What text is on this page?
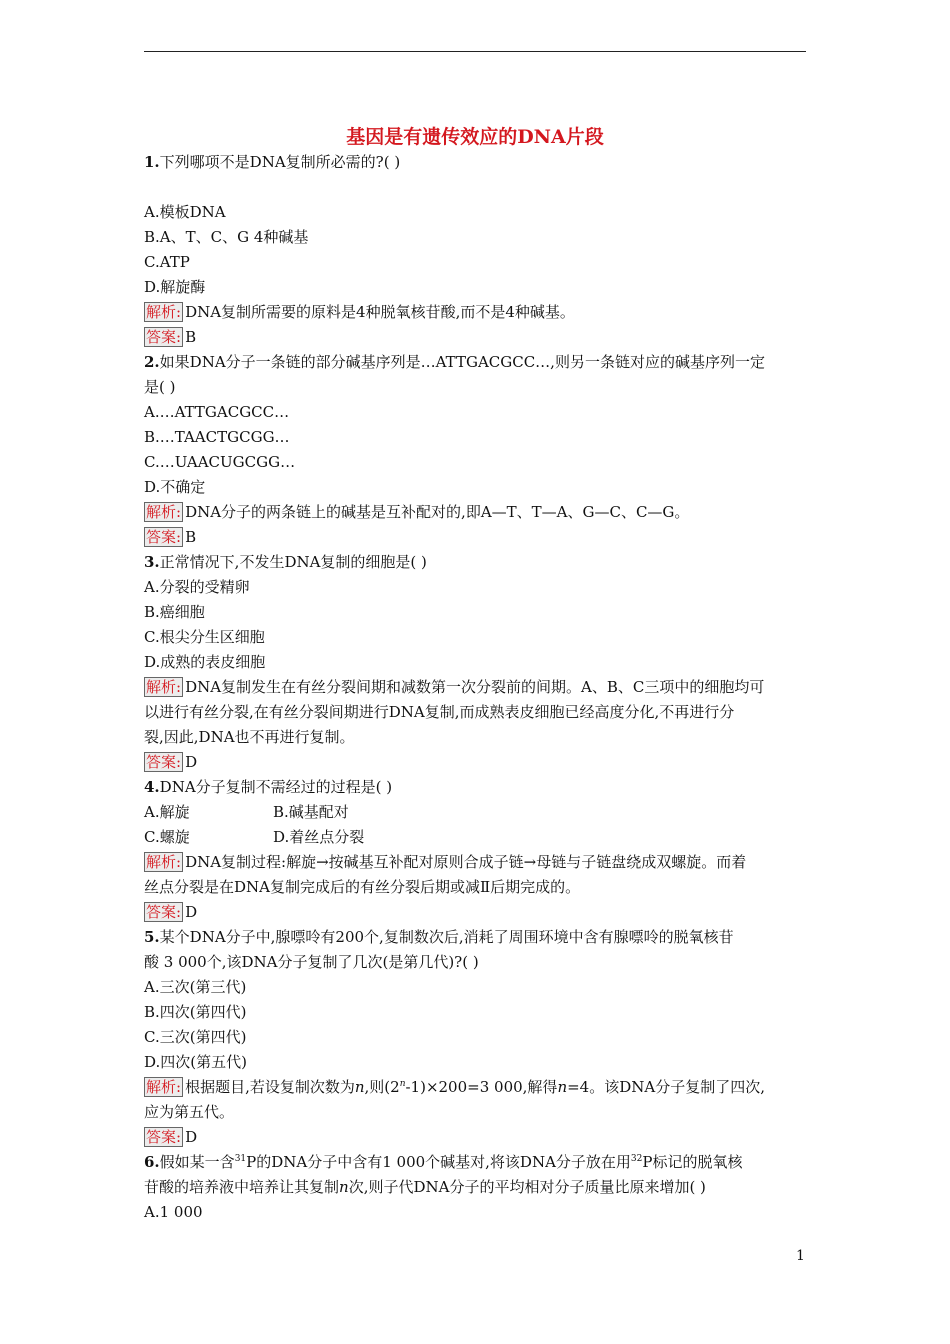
基因是有遗传效应的DNA片段
1.下列哪项不是DNA复制所必需的?( )
A.模板DNA
B.A、T、C、G 4种碱基
C.ATP
D.解旋酶
解析: DNA复制所需要的原料是4种脱氧核苷酸,而不是4种碱基。
答案: B
2.如果DNA分子一条链的部分碱基序列是…ATTGACGCC…,则另一条链对应的碱基序列一定
是( )
A.…ATTGACGCC…
B.…TAACTGCGG…
C.…UAACUGCGG…
D.不确定
解析: DNA分子的两条链上的碱基是互补配对的,即A—T、T—A、G—C、C—G。
答案: B
3.正常情况下,不发生DNA复制的细胞是( )
A.分裂的受精卵
B.癌细胞
C.根尖分生区细胞
D.成熟的表皮细胞
解析: DNA复制发生在有丝分裂间期和减数第一次分裂前的间期。A、B、C三项中的细胞均可
以进行有丝分裂,在有丝分裂间期进行DNA复制,而成熟表皮细胞已经高度分化,不再进行分
裂,因此,DNA也不再进行复制。
答案: D
4.DNA分子复制不需经过的过程是( )
A.解旋	B.碱基配对
C.螺旋	D.着丝点分裂
解析: DNA复制过程:解旋→按碱基互补配对原则合成子链→母链与子链盘绕成双螺旋。而着
丝点分裂是在DNA复制完成后的有丝分裂后期或减Ⅱ后期完成的。
答案: D
5.某个DNA分子中,腺嘌呤有200个,复制数次后,消耗了周围环境中含有腺嘌呤的脱氧核苷
酸 3 000个,该DNA分子复制了几次(是第几代)?( )
A.三次(第三代)
B.四次(第四代)
C.三次(第四代)
D.四次(第五代)
解析: 根据题目,若设复制次数为n,则$(2^n-1)\times 200=3$ 000,解得n=4。该DNA分子复制了四次,
应为第五代。
答案: D
6.假如某一含$^{31}$P的DNA分子中含有1 000个碱基对,将该DNA分子放在用$^{32}$P标记的脱氧核
苷酸的培养液中培养让其复制n次,则子代DNA分子的平均相对分子质量比原来增加( )
A.1 000
1
